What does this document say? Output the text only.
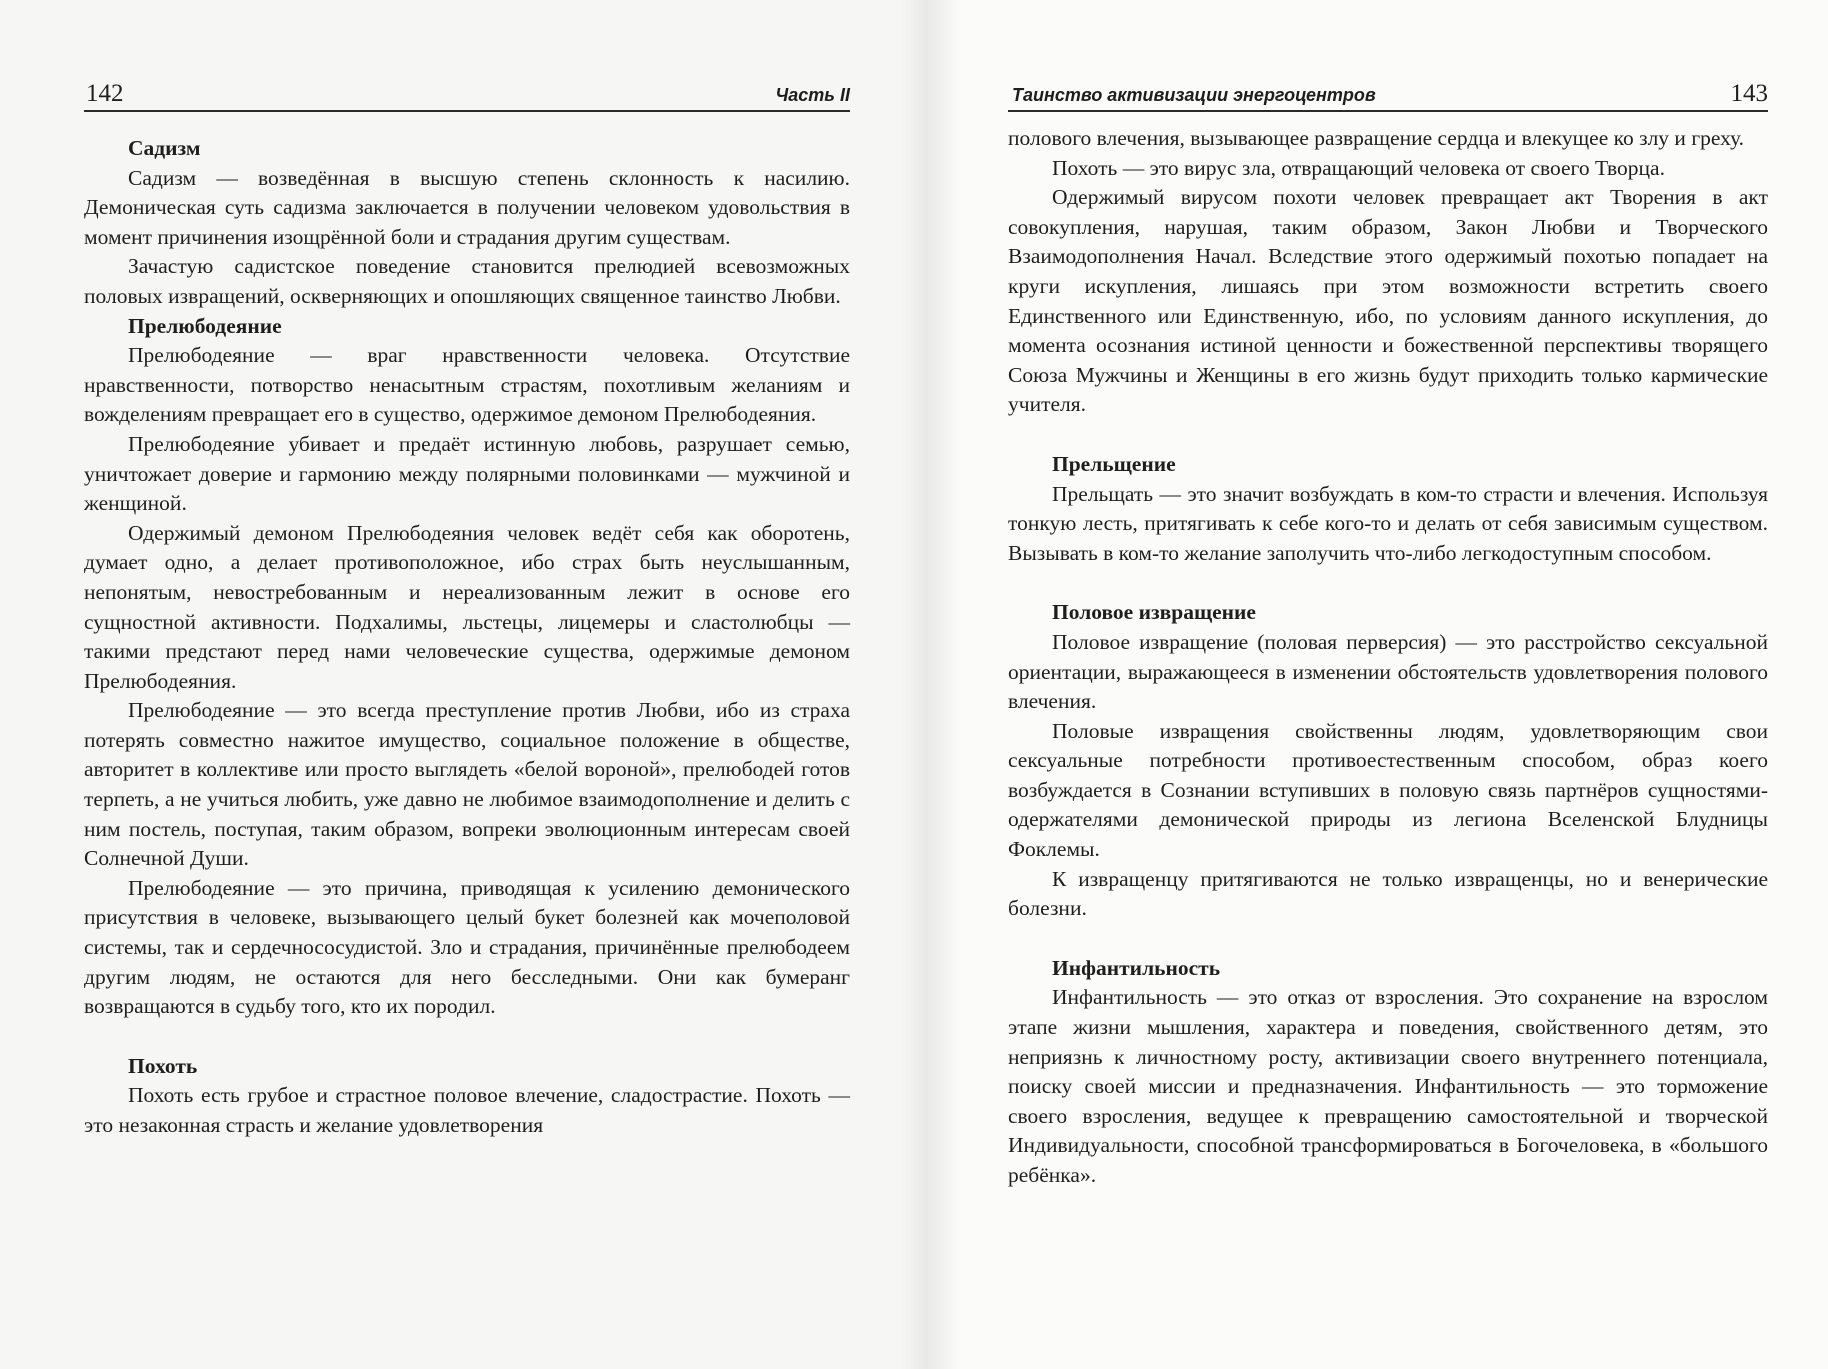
142	Часть II
Садизм

Садизм — возведённая в высшую степень склонность к насилию. Демоническая суть садизма заключается в получении человеком удовольствия в момент причинения изощрённой боли и страдания другим существам.

Зачастую садистское поведение становится прелюдией всевозможных половых извращений, оскверняющих и опошляющих священное таинство Любви.

Прелюбодеяние

Прелюбодеяние — враг нравственности человека. Отсутствие нравственности, потворство ненасытным страстям, похотливым желаниям и вожделениям превращает его в существо, одержимое демоном Прелюбодеяния.

Прелюбодеяние убивает и предаёт истинную любовь, разрушает семью, уничтожает доверие и гармонию между полярными половинками — мужчиной и женщиной.

Одержимый демоном Прелюбодеяния человек ведёт себя как оборотень, думает одно, а делает противоположное, ибо страх быть неуслышанным, непонятым, невостребованным и нереализованным лежит в основе его сущностной активности. Подхалимы, льстецы, лицемеры и сластолюбцы — такими предстают перед нами человеческие существа, одержимые демоном Прелюбодеяния.

Прелюбодеяние — это всегда преступление против Любви, ибо из страха потерять совместно нажитое имущество, социальное положение в обществе, авторитет в коллективе или просто выглядеть «белой вороной», прелюбодей готов терпеть, а не учиться любить, уже давно не любимое взаимодополнение и делить с ним постель, поступая, таким образом, вопреки эволюционным интересам своей Солнечной Души.

Прелюбодеяние — это причина, приводящая к усилению демонического присутствия в человеке, вызывающего целый букет болезней как мочеполовой системы, так и сердечнососудистой. Зло и страдания, причинённые прелюбодеем другим людям, не остаются для него бесследными. Они как бумеранг возвращаются в судьбу того, кто их породил.

Похоть

Похоть есть грубое и страстное половое влечение, сладострастие. Похоть — это незаконная страсть и желание удовлетворения

Таинство активизации энергоцентров	143

полового влечения, вызывающее развращение сердца и влекущее ко злу и греху.

Похоть — это вирус зла, отвращающий человека от своего Творца.

Одержимый вирусом похоти человек превращает акт Творения в акт совокупления, нарушая, таким образом, Закон Любви и Творческого Взаимодополнения Начал. Вследствие этого одержимый похотью попадает на круги искупления, лишаясь при этом возможности встретить своего Единственного или Единственную, ибо, по условиям данного искупления, до момента осознания истиной ценности и божественной перспективы творящего Союза Мужчины и Женщины в его жизнь будут приходить только кармические учителя.

Прельщение

Прельщать — это значит возбуждать в ком-то страсти и влечения. Используя тонкую лесть, притягивать к себе кого-то и делать от себя зависимым существом. Вызывать в ком-то желание заполучить что-либо легкодоступным способом.

Половое извращение

Половое извращение (половая перверсия) — это расстройство сексуальной ориентации, выражающееся в изменении обстоятельств удовлетворения полового влечения.

Половые извращения свойственны людям, удовлетворяющим свои сексуальные потребности противоестественным способом, образ коего возбуждается в Сознании вступивших в половую связь партнёров сущностями-одержателями демонической природы из легиона Вселенской Блудницы Фоклемы.

К извращенцу притягиваются не только извращенцы, но и венерические болезни.

Инфантильность

Инфантильность — это отказ от взросления. Это сохранение на взрослом этапе жизни мышления, характера и поведения, свойственного детям, это неприязнь к личностному росту, активизации своего внутреннего потенциала, поиску своей миссии и предназначения. Инфантильность — это торможение своего взросления, ведущее к превращению самостоятельной и творческой Индивидуальности, способной трансформироваться в Богочеловека, в «большого ребёнка».
